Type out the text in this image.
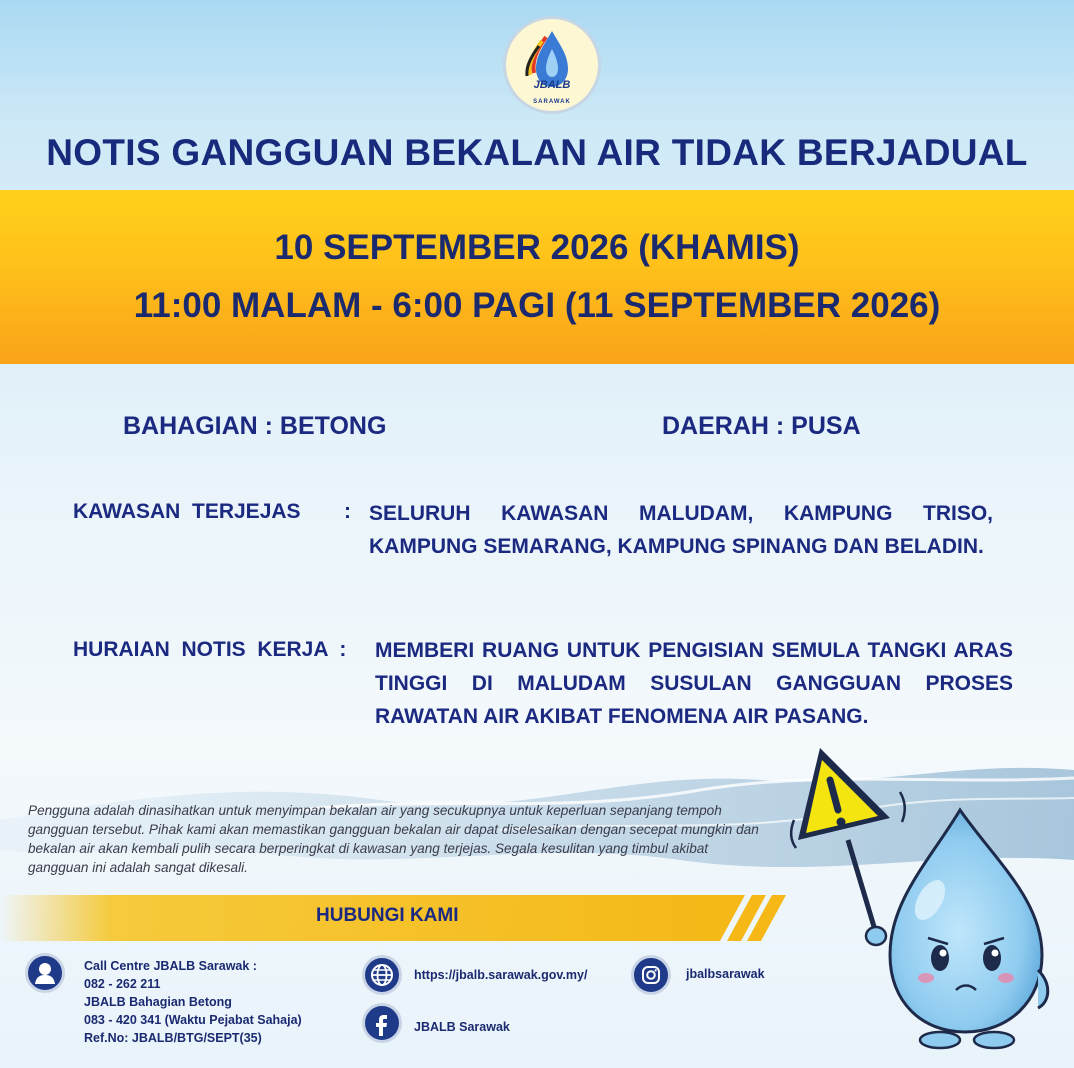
JBALB
SARAWAK
NOTIS GANGGUAN BEKALAN AIR TIDAK BERJADUAL
10 SEPTEMBER 2026 (KHAMIS)
11:00 MALAM - 6:00 PAGI (11 SEPTEMBER 2026)
BAHAGIAN : BETONG	DAERAH : PUSA
KAWASAN  TERJEJAS : SELURUH KAWASAN MALUDAM, KAMPUNG TRISO, KAMPUNG SEMARANG, KAMPUNG SPINANG DAN BELADIN.
HURAIAN  NOTIS  KERJA  : MEMBERI RUANG UNTUK PENGISIAN SEMULA TANGKI ARAS TINGGI DI MALUDAM SUSULAN GANGGUAN PROSES RAWATAN AIR AKIBAT FENOMENA AIR PASANG.
Pengguna adalah dinasihatkan untuk menyimpan bekalan air yang secukupnya untuk keperluan sepanjang tempoh gangguan tersebut. Pihak kami akan memastikan gangguan bekalan air dapat diselesaikan dengan secepat mungkin dan bekalan air akan kembali pulih secara berperingkat di kawasan yang terjejas. Segala kesulitan yang timbul akibat gangguan ini adalah sangat dikesali.
HUBUNGI KAMI
Call Centre JBALB Sarawak :
082 - 262 211
JBALB Bahagian Betong
083 - 420 341 (Waktu Pejabat Sahaja)
Ref.No: JBALB/BTG/SEPT(35)
https://jbalb.sarawak.gov.my/
JBALB Sarawak
jbalbsarawak
